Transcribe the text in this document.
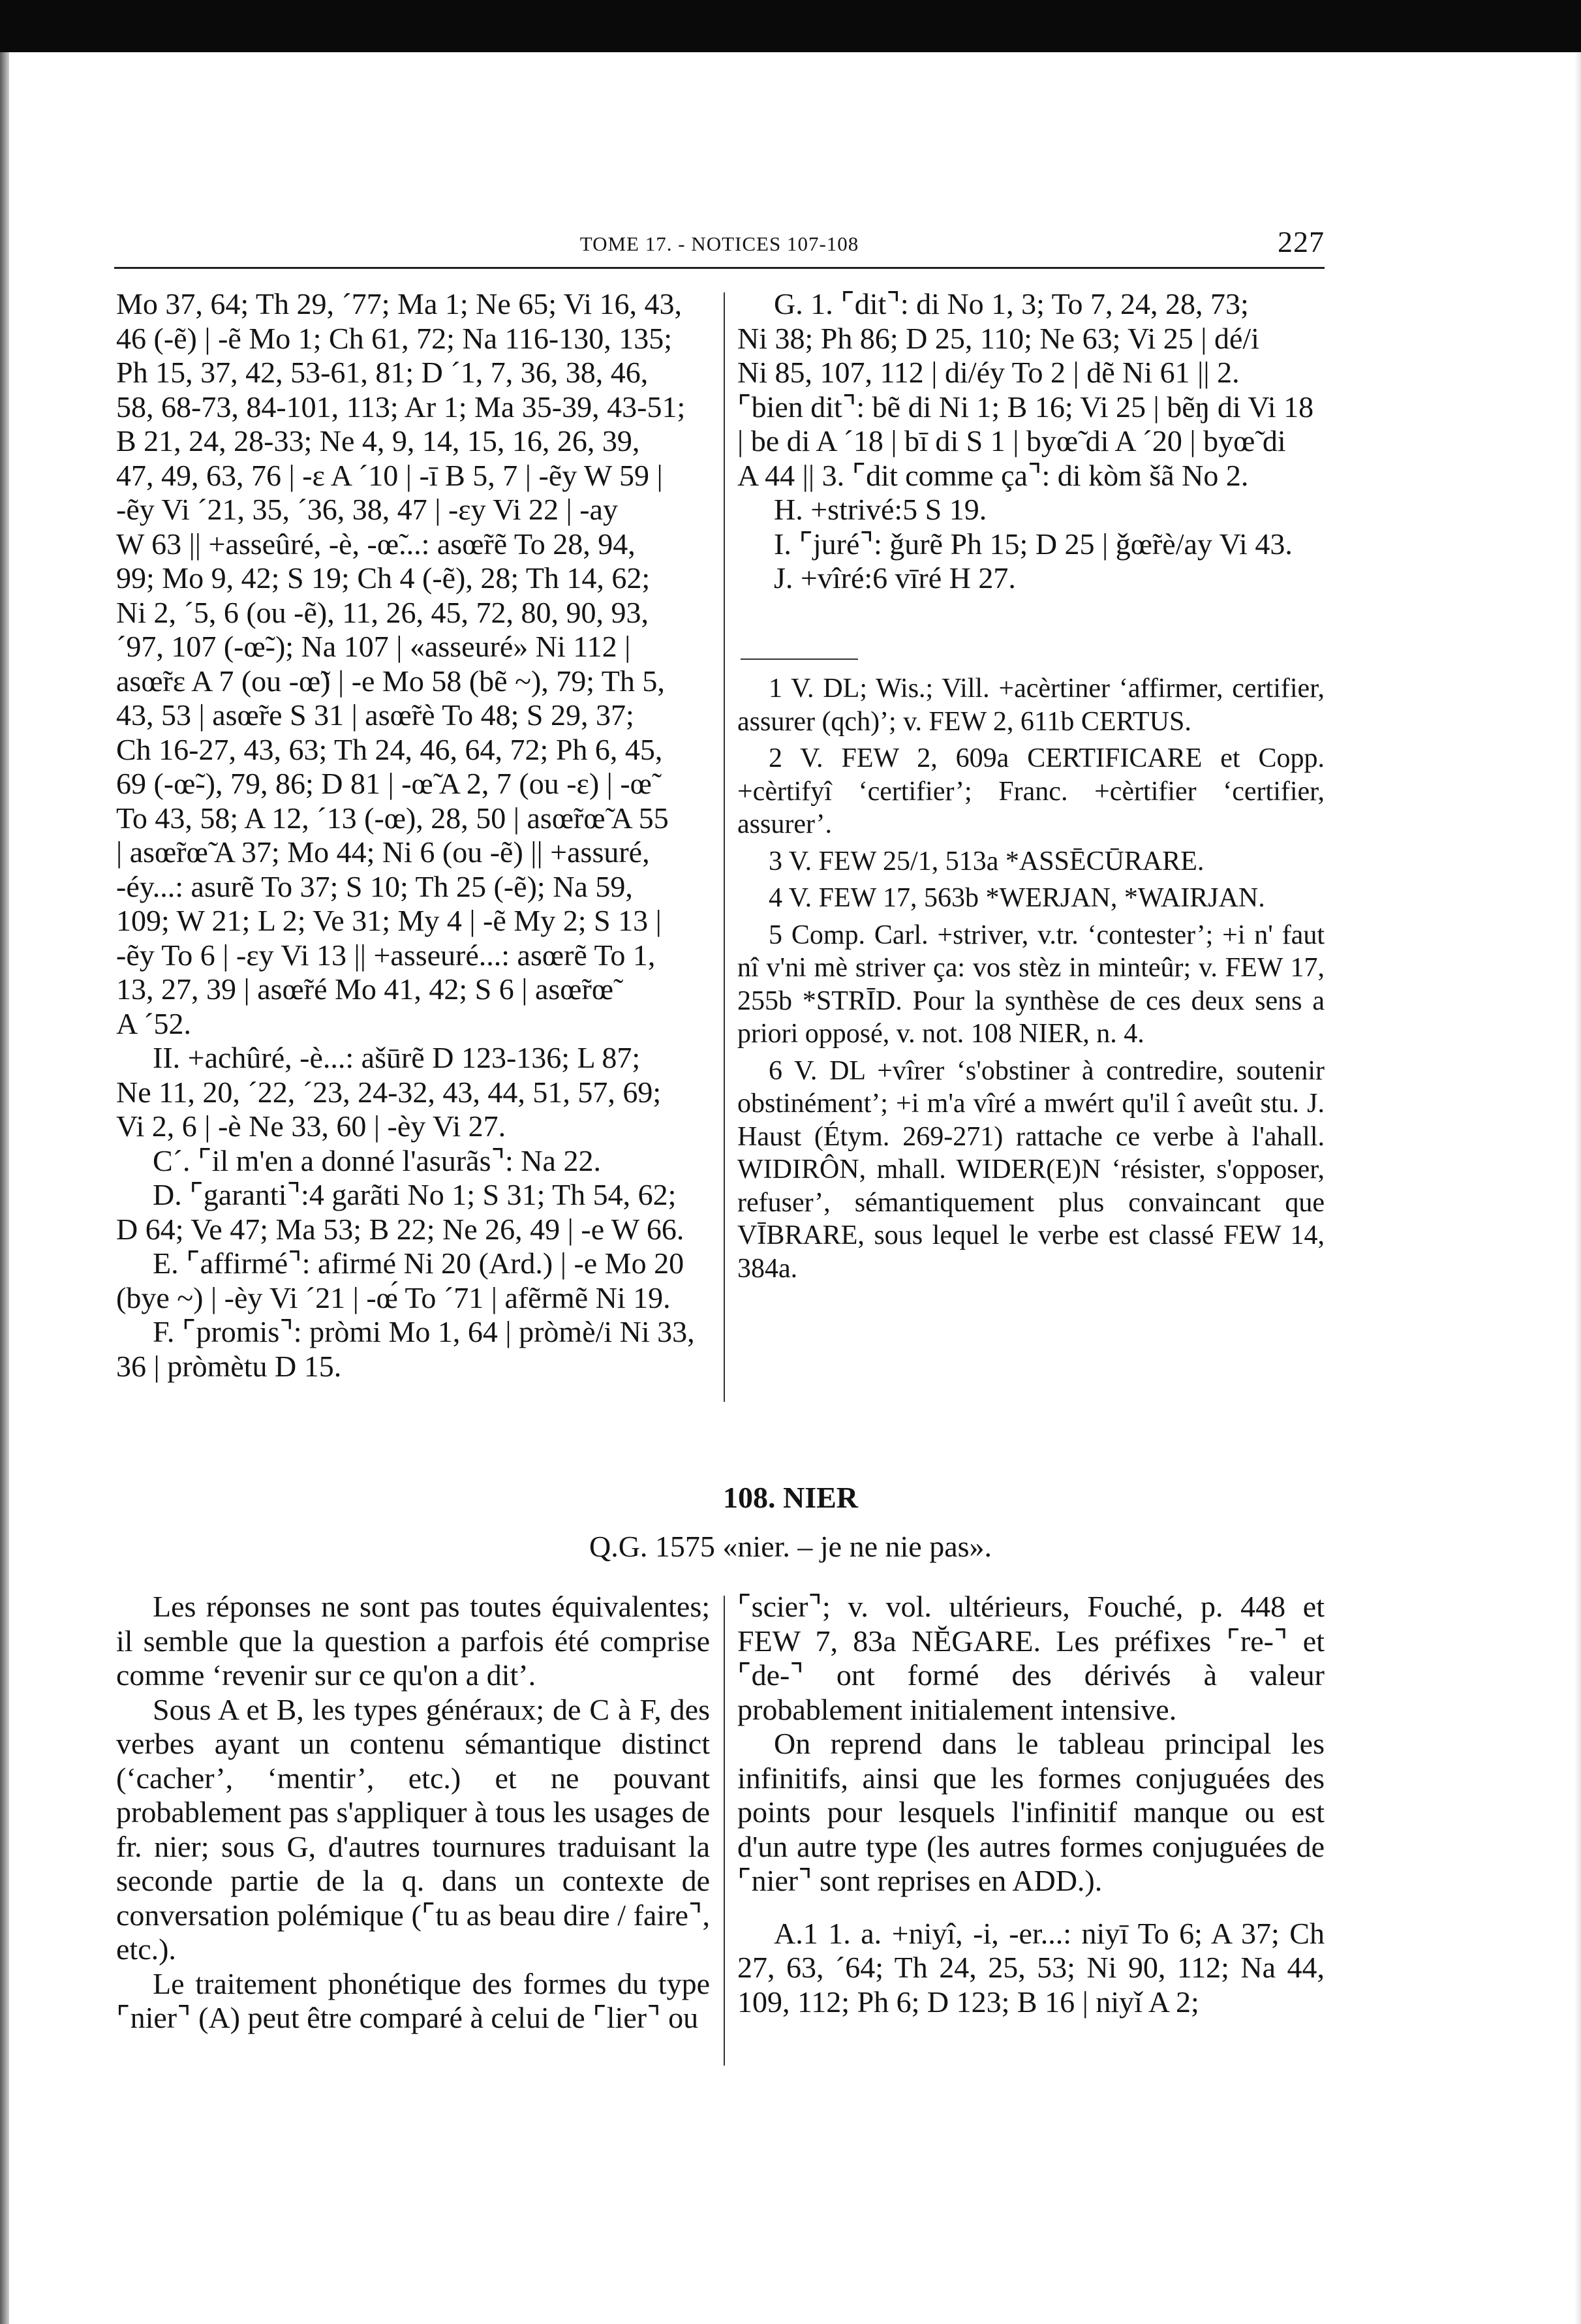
TOME 17. - NOTICES 107-108	227

Mo 37, 64; Th 29, ´77; Ma 1; Ne 65; Vi 16, 43,

46 (-ẽ) | -ẽ Mo 1; Ch 61, 72; Na 116-130, 135;

Ph 15, 37, 42, 53-61, 81; D ´1, 7, 36, 38, 46,

58, 68-73, 84-101, 113; Ar 1; Ma 35-39, 43-51;

B 21, 24, 28-33; Ne 4, 9, 14, 15, 16, 26, 39,

47, 49, 63, 76 | -ɛ A ´10 | -ī B 5, 7 | -ẽy W 59 |

-ẽy Vi ´21, 35, ´36, 38, 47 | -ɛy Vi 22 | -ay

W 63 || +asseûré, -è, -œ̃...: asœ̃rẽ To 28, 94,

99; Mo 9, 42; S 19; Ch 4 (-ẽ), 28; Th 14, 62;

Ni 2, ´5, 6 (ou -ẽ), 11, 26, 45, 72, 80, 90, 93,

´97, 107 (-œ̃-); Na 107 | «asseuré» Ni 112 |

asœ̃rɛ A 7 (ou -œ̃) | -e Mo 58 (bẽ ~), 79; Th 5,

43, 53 | asœ̃re S 31 | asœ̃rè To 48; S 29, 37;

Ch 16-27, 43, 63; Th 24, 46, 64, 72; Ph 6, 45,

69 (-œ̃-), 79, 86; D 81 | -œ̃ A 2, 7 (ou -ɛ) | -œ̃

To 43, 58; A 12, ´13 (-œ), 28, 50 | asœ̃rœ̃ A 55

| asœ̃rœ̃ A 37; Mo 44; Ni 6 (ou -ẽ) || +assuré,

-éy...: asurẽ To 37; S 10; Th 25 (-ẽ); Na 59,

109; W 21; L 2; Ve 31; My 4 | -ẽ My 2; S 13 |

-ẽy To 6 | -ɛy Vi 13 || +asseuré...: asœrẽ To 1,

13, 27, 39 | asœ̃ré Mo 41, 42; S 6 | asœ̃rœ̃

A ´52.

II. +achûré, -è...: ašūrẽ D 123-136; L 87;

Ne 11, 20, ´22, ´23, 24-32, 43, 44, 51, 57, 69;

Vi 2, 6 | -è Ne 33, 60 | -èy Vi 27.

C´. ⌜il m'en a donné l'asurãs⌝: Na 22.

D. ⌜garanti⌝:4 garãti No 1; S 31; Th 54, 62;

D 64; Ve 47; Ma 53; B 22; Ne 26, 49 | -e W 66.

E. ⌜affirmé⌝: afirmé Ni 20 (Ard.) | -e Mo 20

(bye ~) | -èy Vi ´21 | -œ́ To ´71 | afẽrmẽ Ni 19.

F. ⌜promis⌝: pròmi Mo 1, 64 | pròmè/i Ni 33,

36 | pròmètu D 15.

G. 1. ⌜dit⌝: di No 1, 3; To 7, 24, 28, 73;

Ni 38; Ph 86; D 25, 110; Ne 63; Vi 25 | dé/i

Ni 85, 107, 112 | di/éy To 2 | dẽ Ni 61 || 2.

⌜bien dit⌝: bẽ di Ni 1; B 16; Vi 25 | bẽŋ di Vi 18

| be di A ´18 | bī di S 1 | byœ̃ di A ´20 | byœ̃ di

A 44 || 3. ⌜dit comme ça⌝: di kòm šã No 2.

H. +strivé:5 S 19.

I. ⌜juré⌝: ǧurẽ Ph 15; D 25 | ǧœ̃rè/ay Vi 43.

J. +vîré:6 vīré H 27.

1 V. DL; Wis.; Vill. +acèrtiner ‘affirmer, certifier, assurer (qch)’; v. FEW 2, 611b CERTUS.

2 V. FEW 2, 609a CERTIFICARE et Copp. +cèrtifyî ‘certifier’; Franc. +cèrtifier ‘certifier, assurer’.

3 V. FEW 25/1, 513a *ASSĒCŪRARE.

4 V. FEW 17, 563b *WERJAN, *WAIRJAN.

5 Comp. Carl. +striver, v.tr. ‘contester’; +i n' faut nî v'ni mè striver ça: vos stèz in minteûr; v. FEW 17, 255b *STRĪD. Pour la synthèse de ces deux sens a priori opposé, v. not. 108 NIER, n. 4.

6 V. DL +vîrer ‘s'obstiner à contredire, soutenir obstinément’; +i m'a vîré a mwért qu'il î aveût stu. J. Haust (Étym. 269-271) rattache ce verbe à l'ahall. WIDIRÔN, mhall. WIDER(E)N ‘résister, s'opposer, refuser’, sémantiquement plus convaincant que VĪBRARE, sous lequel le verbe est classé FEW 14, 384a.

108. NIER
Q.G. 1575 «nier. – je ne nie pas».

Les réponses ne sont pas toutes équivalentes; il semble que la question a parfois été comprise comme ‘revenir sur ce qu'on a dit’.

Sous A et B, les types généraux; de C à F, des verbes ayant un contenu sémantique distinct (‘cacher’, ‘mentir’, etc.) et ne pouvant probablement pas s'appliquer à tous les usages de fr. nier; sous G, d'autres tournures traduisant la seconde partie de la q. dans un contexte de conversation polémique (⌜tu as beau dire / faire⌝, etc.).

Le traitement phonétique des formes du type ⌜nier⌝ (A) peut être comparé à celui de ⌜lier⌝ ou

⌜scier⌝; v. vol. ultérieurs, Fouché, p. 448 et FEW 7, 83a NĔGARE. Les préfixes ⌜re-⌝ et ⌜de-⌝ ont formé des dérivés à valeur probablement initialement intensive.

On reprend dans le tableau principal les infinitifs, ainsi que les formes conjuguées des points pour lesquels l'infinitif manque ou est d'un autre type (les autres formes conjuguées de ⌜nier⌝ sont reprises en ADD.).

A.1 1. a. +niyî, -i, -er...: niyī To 6; A 37; Ch 27, 63, ´64; Th 24, 25, 53; Ni 90, 112; Na 44, 109, 112; Ph 6; D 123; B 16 | niyǐ A 2;
